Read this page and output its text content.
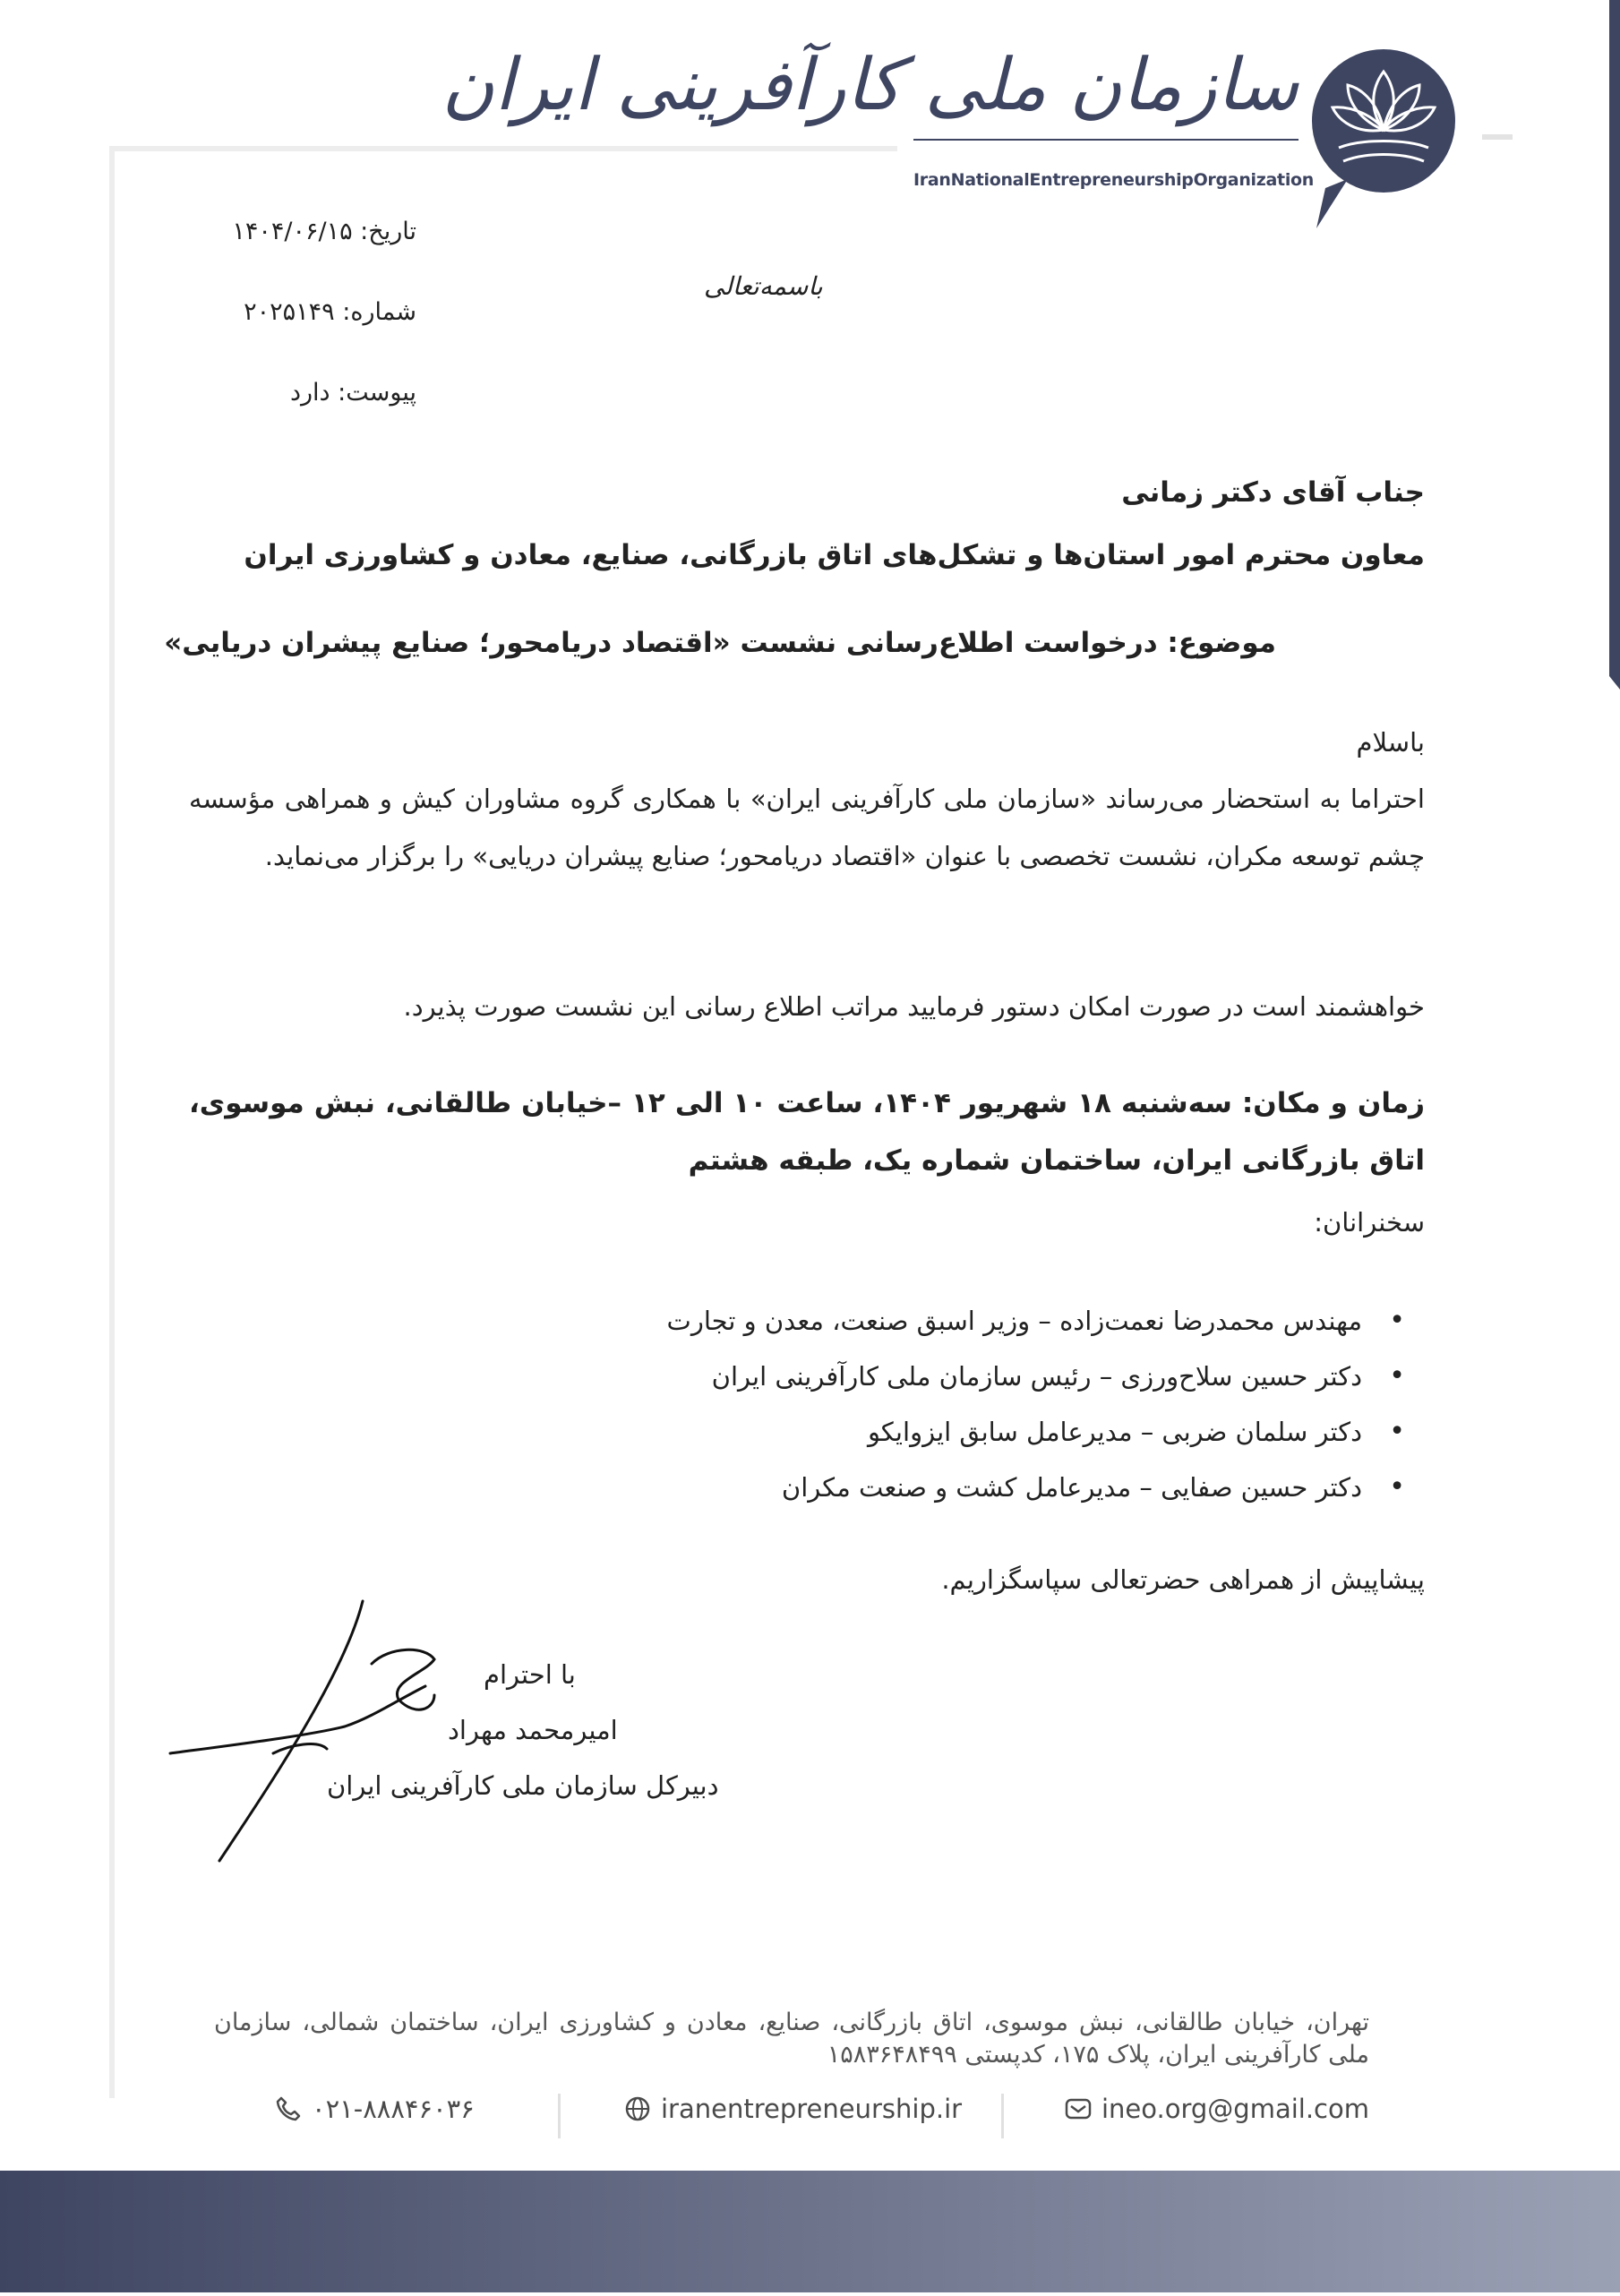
سازمان ملی کارآفرینی ایران
IranNationalEntrepreneurshipOrganization
تاریخ: ۱۴۰۴/۰۶/۱۵
شماره: ۲۰۲۵۱۴۹
پیوست: دارد
باسمه‌تعالی
جناب آقای دکتر زمانی
معاون محترم امور استان‌ها و تشکل‌های اتاق بازرگانی، صنایع، معادن و کشاورزی ایران
موضوع: درخواست اطلاع‌رسانی نشست «اقتصاد دریامحور؛ صنایع پیشران دریایی»
باسلام
احتراما به استحضار می‌رساند «سازمان ملی کارآفرینی ایران» با همکاری گروه مشاوران کیش و همراهی مؤسسه چشم توسعه مکران، نشست تخصصی با عنوان «اقتصاد دریامحور؛ صنایع پیشران دریایی» را برگزار می‌نماید.
خواهشمند است در صورت امکان دستور فرمایید مراتب اطلاع رسانی این نشست صورت پذیرد.
زمان و مکان: سه‌شنبه ۱۸ شهریور ۱۴۰۴، ساعت ۱۰ الی ۱۲ –خیابان طالقانی، نبش موسوی، اتاق بازرگانی ایران، ساختمان شماره یک، طبقه هشتم
سخنرانان:
• مهندس محمدرضا نعمت‌زاده – وزیر اسبق صنعت، معدن و تجارت
• دکتر حسین سلاح‌ورزی – رئیس سازمان ملی کارآفرینی ایران
• دکتر سلمان ضربی – مدیرعامل سابق ایزوایکو
• دکتر حسین صفایی – مدیرعامل کشت و صنعت مکران
پیشاپیش از همراهی حضرتعالی سپاسگزاریم.
با احترام
امیرمحمد مهراد
دبیرکل سازمان ملی کارآفرینی ایران
تهران، خیابان طالقانی، نبش موسوی، اتاق بازرگانی، صنایع، معادن و کشاورزی ایران، ساختمان شمالی، سازمان ملی کارآفرینی ایران، پلاک ۱۷۵، کدپستی ۱۵۸۳۶۴۸۴۹۹
ineo.org@gmail.com
iranentrepreneurship.ir
۰۲۱-۸۸۸۴۶۰۳۶
